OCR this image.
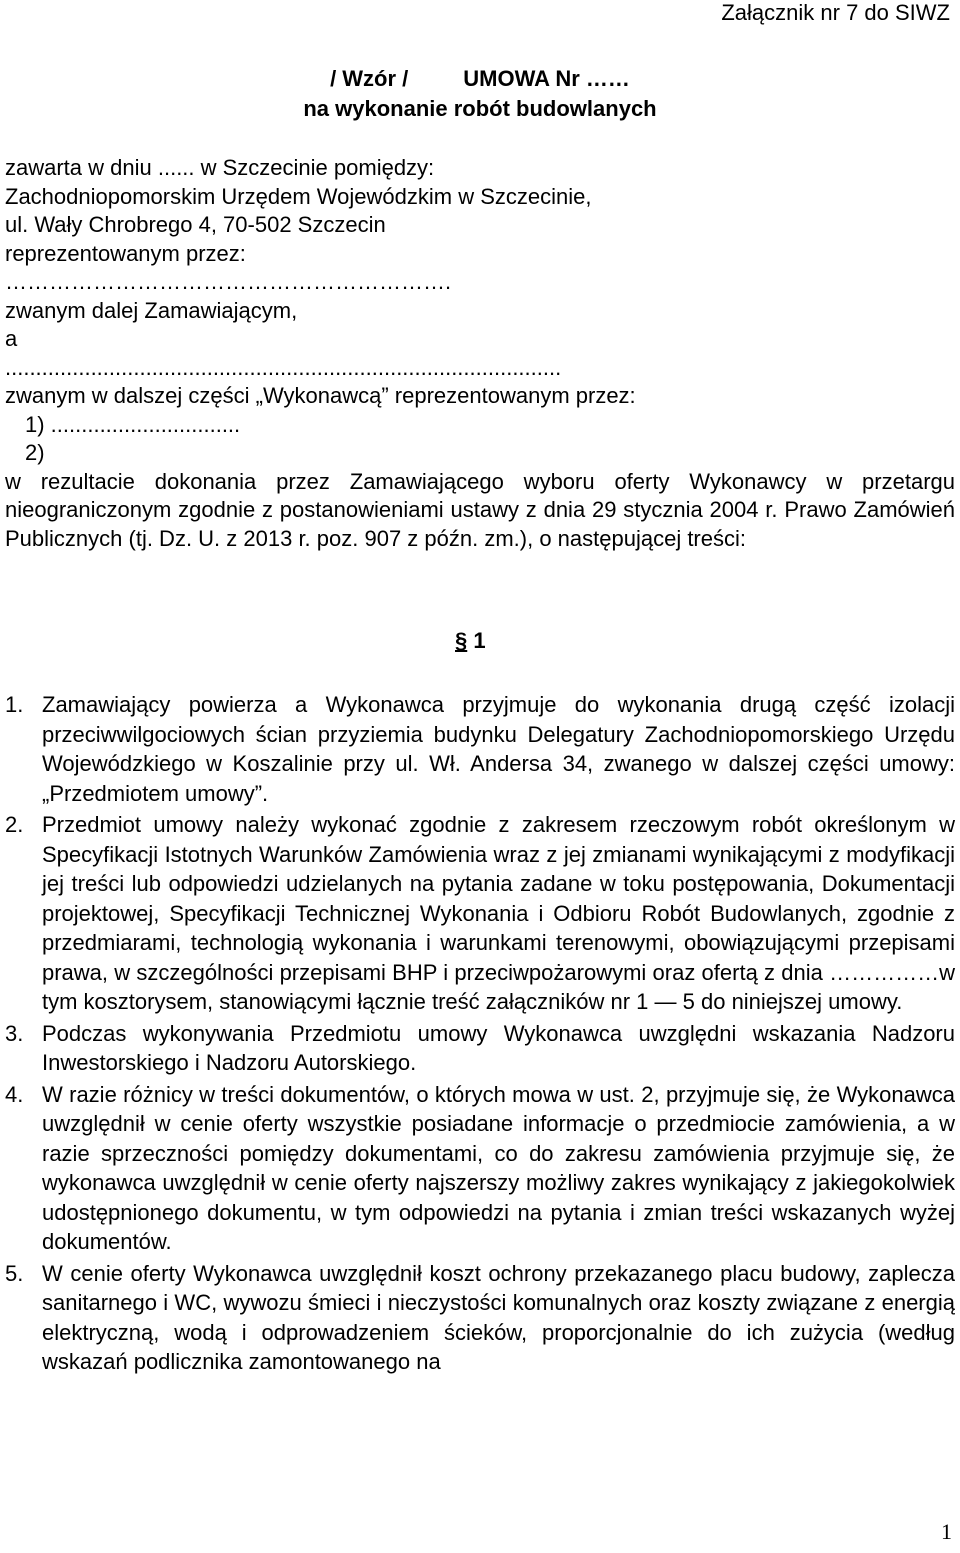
Załącznik nr 7 do SIWZ
/ Wzór /         UMOWA Nr ……
na wykonanie robót budowlanych
zawarta w dniu ...... w Szczecinie pomiędzy:
Zachodniopomorskim Urzędem Wojewódzkim w Szczecinie,
ul. Wały Chrobrego 4, 70-502 Szczecin
reprezentowanym przez:
…………………………………………………….
zwanym dalej Zamawiającym,
a
...........................................................................................
zwanym w dalszej części „Wykonawcą” reprezentowanym przez:
1) ...............................
2)
w rezultacie dokonania przez Zamawiającego wyboru oferty Wykonawcy w przetargu nieograniczonym zgodnie z postanowieniami ustawy z dnia 29 stycznia 2004 r. Prawo Zamówień Publicznych (tj. Dz. U. z 2013 r. poz. 907 z późn. zm.), o następującej treści:
§ 1
1. Zamawiający powierza a Wykonawca przyjmuje do wykonania drugą część izolacji przeciwwilgociowych ścian przyziemia budynku Delegatury Zachodniopomorskiego Urzędu Wojewódzkiego w Koszalinie przy ul. Wł. Andersa 34, zwanego w dalszej części umowy: „Przedmiotem umowy”.
2. Przedmiot umowy należy wykonać zgodnie z zakresem rzeczowym robót określonym w Specyfikacji Istotnych Warunków Zamówienia wraz z jej zmianami wynikającymi z modyfikacji jej treści lub odpowiedzi udzielanych na pytania zadane w toku postępowania, Dokumentacji projektowej, Specyfikacji Technicznej Wykonania i Odbioru Robót Budowlanych, zgodnie z przedmiarami, technologią wykonania i warunkami terenowymi, obowiązującymi przepisami prawa, w szczególności przepisami BHP i przeciwpożarowymi oraz ofertą z dnia ……………w tym kosztorysem, stanowiącymi łącznie treść załączników nr 1 — 5 do niniejszej umowy.
3. Podczas wykonywania Przedmiotu umowy Wykonawca uwzględni wskazania Nadzoru Inwestorskiego i Nadzoru Autorskiego.
4. W razie różnicy w treści dokumentów, o których mowa w ust. 2, przyjmuje się, że Wykonawca uwzględnił w cenie oferty wszystkie posiadane informacje o przedmiocie zamówienia, a w razie sprzeczności pomiędzy dokumentami, co do zakresu zamówienia przyjmuje się, że wykonawca uwzględnił w cenie oferty najszerszy możliwy zakres wynikający z jakiegokolwiek udostępnionego dokumentu, w tym odpowiedzi na pytania i zmian treści wskazanych wyżej dokumentów.
5. W cenie oferty Wykonawca uwzględnił koszt ochrony przekazanego placu budowy, zaplecza sanitarnego i WC, wywozu śmieci i nieczystości komunalnych oraz koszty związane z energią elektryczną, wodą i odprowadzeniem ścieków, proporcjonalnie do ich zużycia (według wskazań podlicznika zamontowanego na
1
